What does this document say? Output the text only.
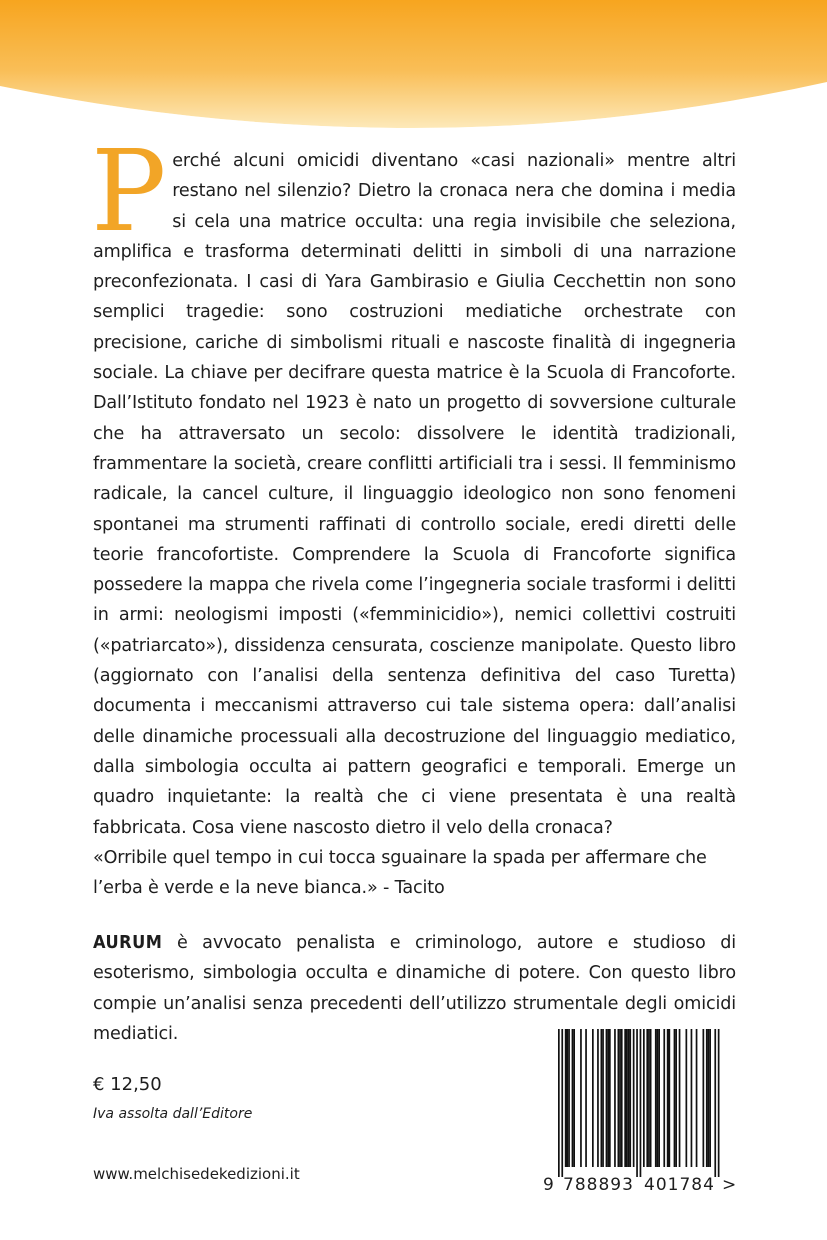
Perché alcuni omicidi diventano «casi nazionali» mentre altri restano nel silenzio? Dietro la cronaca nera che domina i media si cela una matrice occulta: una regia invisibile che seleziona, amplifica e trasforma determinati delitti in simboli di una narrazione preconfezionata. I casi di Yara Gambirasio e Giulia Cecchettin non sono semplici tragedie: sono costruzioni mediatiche orchestrate con precisione, cariche di simbolismi rituali e nascoste finalità di ingegneria sociale. La chiave per decifrare questa matrice è la Scuola di Francoforte. Dall’Istituto fondato nel 1923 è nato un progetto di sovversione culturale che ha attraversato un secolo: dissolvere le identità tradizionali, frammentare la società, creare conflitti artificiali tra i sessi. Il femminismo radicale, la cancel culture, il linguaggio ideologico non sono fenomeni spontanei ma strumenti raffinati di controllo sociale, eredi diretti delle teorie francofortiste. Comprendere la Scuola di Francoforte significa possedere la mappa che rivela come l’ingegneria sociale trasformi i delitti in armi: neologismi imposti («femminicidio»), nemici collettivi costruiti («patriarcato»), dissidenza censurata, coscienze manipolate. Questo libro (aggiornato con l’analisi della sentenza definitiva del caso Turetta) documenta i meccanismi attraverso cui tale sistema opera: dall’analisi delle dinamiche processuali alla decostruzione del linguaggio mediatico, dalla simbologia occulta ai pattern geografici e temporali. Emerge un quadro inquietante: la realtà che ci viene presentata è una realtà fabbricata. Cosa viene nascosto dietro il velo della cronaca?

«Orribile quel tempo in cui tocca sguainare la spada per affermare che l’erba è verde e la neve bianca.» - Tacito

AURUM è avvocato penalista e criminologo, autore e studioso di esoterismo, simbologia occulta e dinamiche di potere. Con questo libro compie un’analisi senza precedenti dell’utilizzo strumentale degli omicidi mediatici.
€ 12,50
Iva assolta dall’Editore
www.melchisedekedizioni.it
9 788893 401784 >
